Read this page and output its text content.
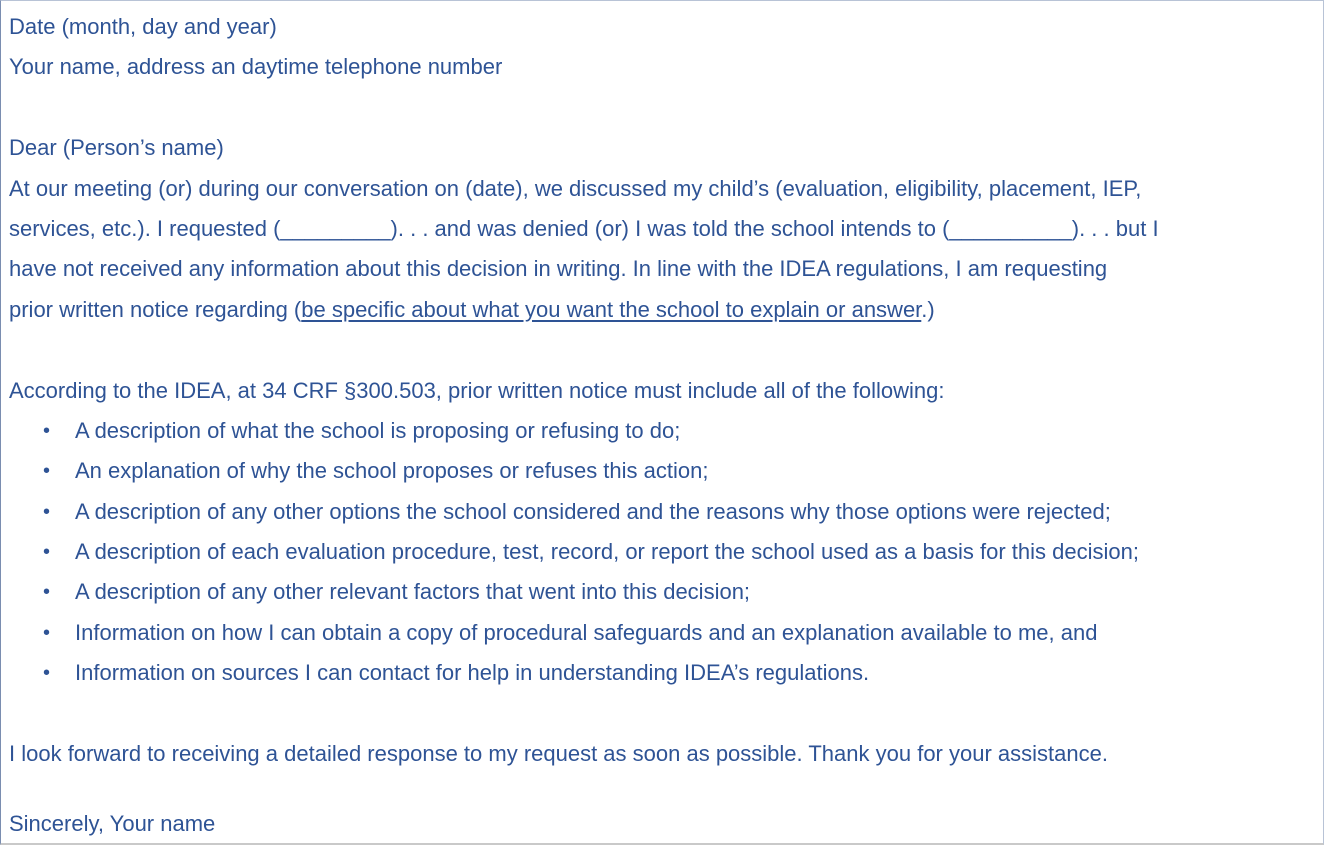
Date (month, day and year)
Your name, address an daytime telephone number
Dear (Person’s name)
At our meeting (or) during our conversation on (date), we discussed my child’s (evaluation, eligibility, placement, IEP,
services, etc.). I requested (_________). . . and was denied (or) I was told the school intends to (__________). . . but I
have not received any information about this decision in writing. In line with the IDEA regulations, I am requesting
prior written notice regarding (be specific about what you want the school to explain or answer.)
According to the IDEA, at 34 CRF §300.503, prior written notice must include all of the following:
• A description of what the school is proposing or refusing to do;
• An explanation of why the school proposes or refuses this action;
• A description of any other options the school considered and the reasons why those options were rejected;
• A description of each evaluation procedure, test, record, or report the school used as a basis for this decision;
• A description of any other relevant factors that went into this decision;
• Information on how I can obtain a copy of procedural safeguards and an explanation available to me, and
• Information on sources I can contact for help in understanding IDEA’s regulations.
I look forward to receiving a detailed response to my request as soon as possible. Thank you for your assistance.
Sincerely, Your name
